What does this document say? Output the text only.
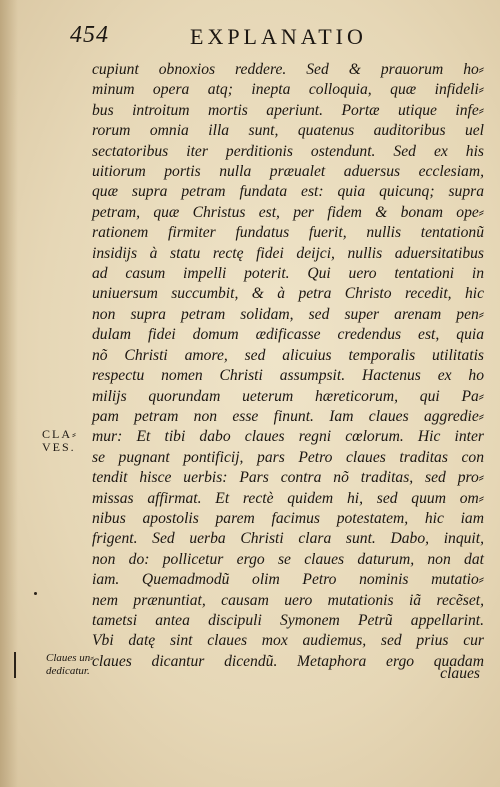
454	EXPLANATIO
CLA⸗
VES.
Claues un⸗
dedicatur.
cupiunt obnoxios reddere. Sed & prauorum ho⸗
minum opera atq; inepta colloquia, quæ infideli⸗
bus introitum mortis aperiunt. Portæ utique infe⸗
rorum omnia illa sunt, quatenus auditoribus uel
sectatoribus iter perditionis ostendunt. Sed ex his
uitiorum portis nulla præualet aduersus ecclesiam,
quæ supra petram fundata est: quia quicunq; supra
petram, quæ Christus est, per fidem & bonam ope⸗
rationem firmiter fundatus fuerit, nullis tentationũ
insidijs à statu rectę fidei deijci, nullis aduersitatibus
ad casum impelli poterit. Qui uero tentationi in
uniuersum succumbit, & à petra Christo recedit, hic
non supra petram solidam, sed super arenam pen⸗
dulam fidei domum ædificasse credendus est, quia
nõ Christi amore, sed alicuius temporalis utilitatis
respectu nomen Christi assumpsit. Hactenus ex ho
milijs quorundam ueterum hæreticorum, qui Pa⸗
pam petram non esse finunt. Iam claues aggredie⸗
mur: Et tibi dabo claues regni cœlorum. Hic inter
se pugnant pontificij, pars Petro claues traditas con
tendit hisce uerbis: Pars contra nõ traditas, sed pro⸗
missas affirmat. Et rectè quidem hi, sed quum om⸗
nibus apostolis parem facimus potestatem, hic iam
frigent. Sed uerba Christi clara sunt. Dabo, inquit,
non do: pollicetur ergo se claues daturum, non dat
iam. Quemadmodũ olim Petro nominis mutatio⸗
nem prænuntiat, causam uero mutationis iã recẽset,
tametsi antea discipuli Symonem Petrũ appellarint.
Vbi datę sint claues mox audiemus, sed prius cur
claues dicantur dicendũ. Metaphora ergo quadam
claues
